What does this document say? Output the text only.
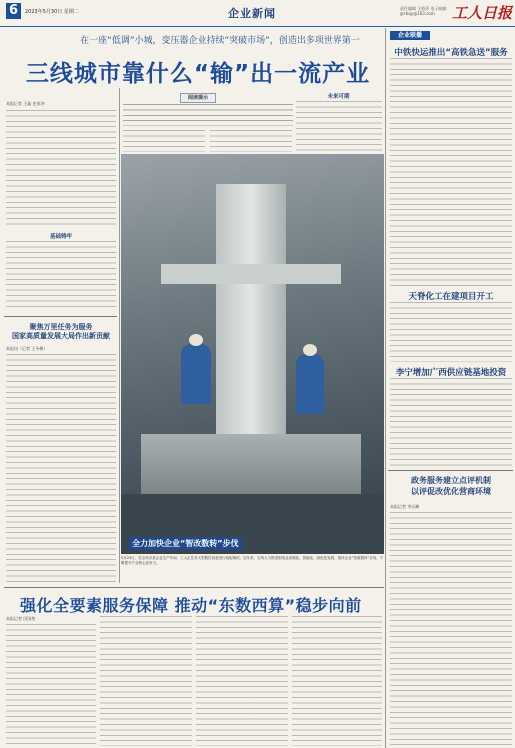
6	2023年5月30日 星期二	企业新闻	责任编辑 王娇萍 电子邮箱 grrbqy@163.com	工人日报
在一座“低调”小城，变压器企业持续“突破市场”，创造出多项世界第一
三线城市靠什么“输”出一流产业
本报记者 王鑫 史家冲
基础铸牢
聚焦万里任务为服务
国家高质量发展大局作出新贡献
本报讯（记者 王冬梅）
阅读提示	未来可期
全力加快企业“智改数转”步伐
5月25日，在宝鸡市某企业生产车间，工人正在对大型数控设备进行装配调试。近年来，宝鸡大力推进制造业高端化、智能化、绿色化发展，加快企业“智改数转”步伐，不断提升产业核心竞争力。
强化全要素服务保障 推动“东数西算”稳步向前
本报记者 田国垒
企业联播
中铁快运推出“高铁急送”服务
天脊化工在建项目开工
李宁增加广西供应链基地投资
政务服务建立点评机制
以评促改优化营商环境
本报记者 李运峰
